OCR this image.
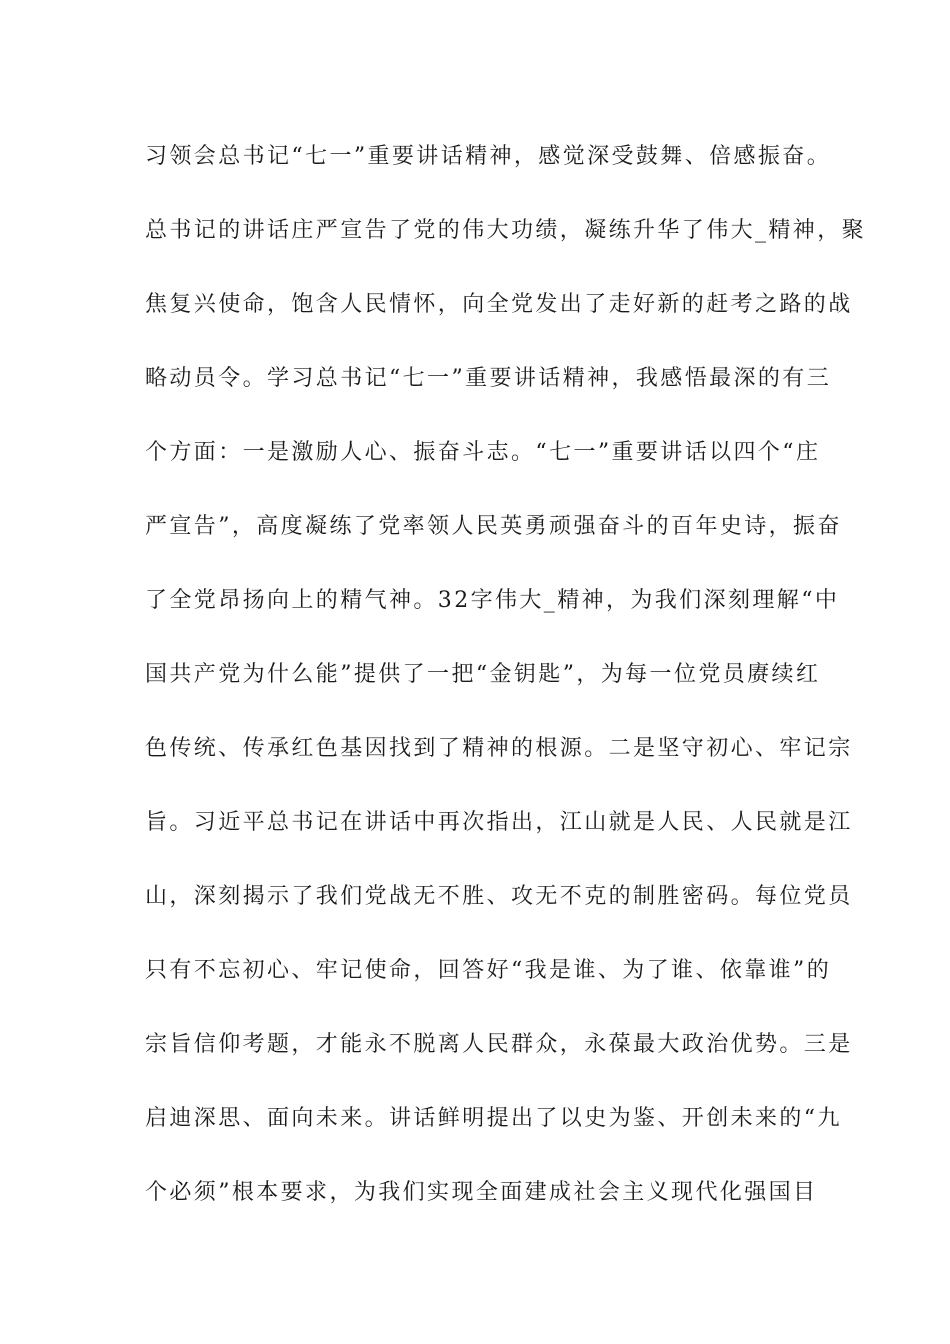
习领会总书记“七一”重要讲话精神，感觉深受鼓舞、倍感振奋。
总书记的讲话庄严宣告了党的伟大功绩，凝练升华了伟大_精神，聚
焦复兴使命，饱含人民情怀，向全党发出了走好新的赶考之路的战
略动员令。学习总书记“七一”重要讲话精神，我感悟最深的有三
个方面：一是激励人心、振奋斗志。“七一”重要讲话以四个“庄
严宣告”，高度凝练了党率领人民英勇顽强奋斗的百年史诗，振奋
了全党昂扬向上的精气神。32字伟大_精神，为我们深刻理解“中
国共产党为什么能”提供了一把“金钥匙”，为每一位党员赓续红
色传统、传承红色基因找到了精神的根源。二是坚守初心、牢记宗
旨。习近平总书记在讲话中再次指出，江山就是人民、人民就是江
山，深刻揭示了我们党战无不胜、攻无不克的制胜密码。每位党员
只有不忘初心、牢记使命，回答好“我是谁、为了谁、依靠谁”的
宗旨信仰考题，才能永不脱离人民群众，永葆最大政治优势。三是
启迪深思、面向未来。讲话鲜明提出了以史为鉴、开创未来的“九
个必须”根本要求，为我们实现全面建成社会主义现代化强国目
